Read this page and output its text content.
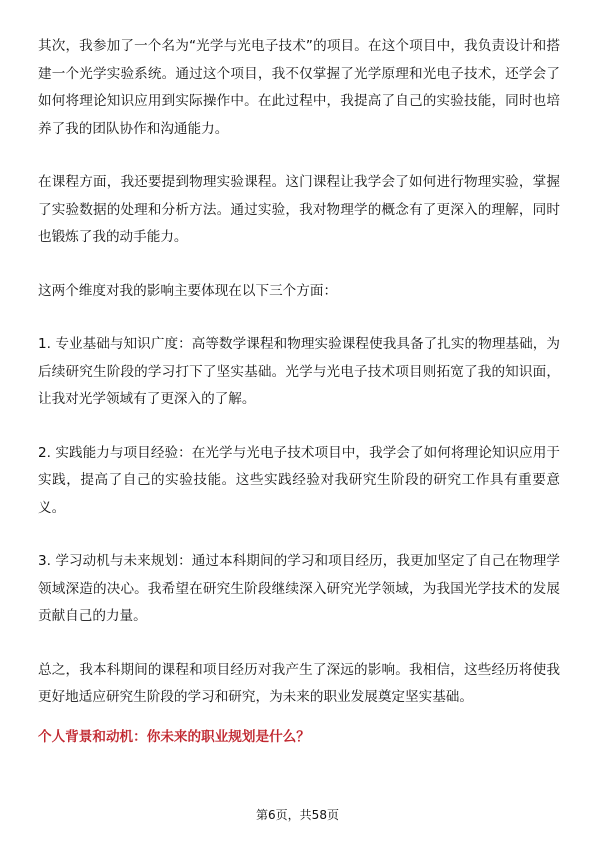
其次，我参加了一个名为“光学与光电子技术”的项目。在这个项目中，我负责设计和搭建一个光学实验系统。通过这个项目，我不仅掌握了光学原理和光电子技术，还学会了如何将理论知识应用到实际操作中。在此过程中，我提高了自己的实验技能，同时也培养了我的团队协作和沟通能力。

在课程方面，我还要提到物理实验课程。这门课程让我学会了如何进行物理实验，掌握了实验数据的处理和分析方法。通过实验，我对物理学的概念有了更深入的理解，同时也锻炼了我的动手能力。

这两个维度对我的影响主要体现在以下三个方面：

1. 专业基础与知识广度：高等数学课程和物理实验课程使我具备了扎实的物理基础，为后续研究生阶段的学习打下了坚实基础。光学与光电子技术项目则拓宽了我的知识面，让我对光学领域有了更深入的了解。

2. 实践能力与项目经验：在光学与光电子技术项目中，我学会了如何将理论知识应用于实践，提高了自己的实验技能。这些实践经验对我研究生阶段的研究工作具有重要意义。

3. 学习动机与未来规划：通过本科期间的学习和项目经历，我更加坚定了自己在物理学领域深造的决心。我希望在研究生阶段继续深入研究光学领域，为我国光学技术的发展贡献自己的力量。

总之，我本科期间的课程和项目经历对我产生了深远的影响。我相信，这些经历将使我更好地适应研究生阶段的学习和研究，为未来的职业发展奠定坚实基础。

个人背景和动机：你未来的职业规划是什么？

第6页，共58页
